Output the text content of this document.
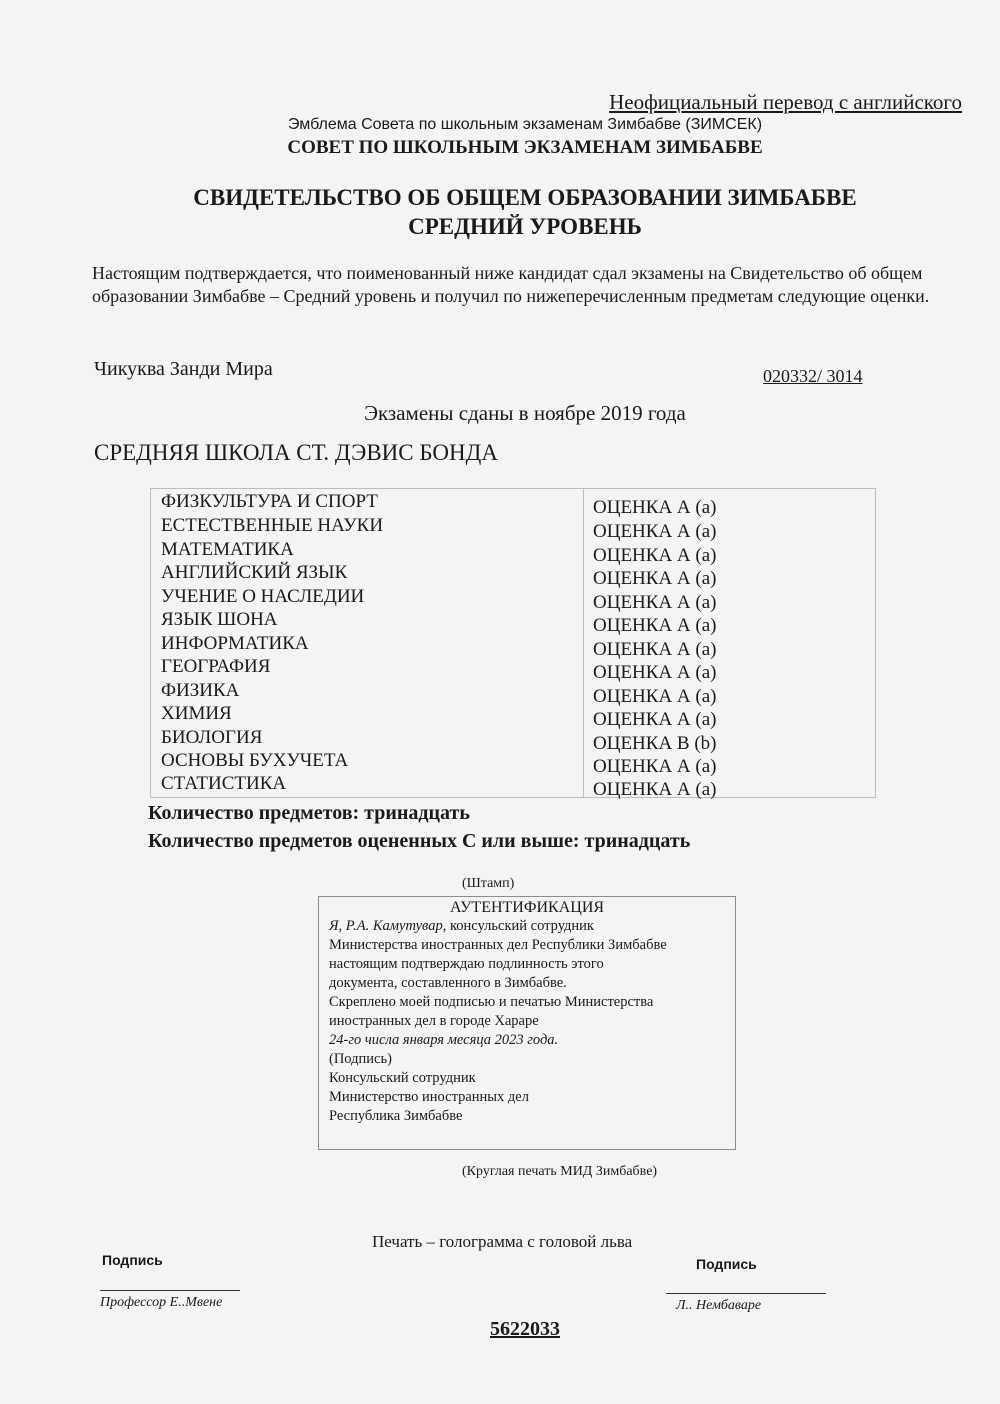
Неофициальный перевод с английского
Эмблема Совета по школьным экзаменам Зимбабве (ЗИМСЕК)
СОВЕТ ПО ШКОЛЬНЫМ ЭКЗАМЕНАМ ЗИМБАБВЕ
СВИДЕТЕЛЬСТВО ОБ ОБЩЕМ ОБРАЗОВАНИИ ЗИМБАБВЕ
СРЕДНИЙ УРОВЕНЬ
Настоящим подтверждается, что поименованный ниже кандидат сдал экзамены на Свидетельство об общем образовании Зимбабве – Средний уровень и получил по нижеперечисленным предметам следующие оценки.
Чикуква Занди Мира	020332/ 3014
Экзамены сданы в ноябре 2019 года
СРЕДНЯЯ ШКОЛА СТ. ДЭВИС БОНДА
ФИЗКУЛЬТУРА И СПОРТ	ОЦЕНКА А (а)
ЕСТЕСТВЕННЫЕ НАУКИ	ОЦЕНКА А (а)
МАТЕМАТИКА	ОЦЕНКА А (а)
АНГЛИЙСКИЙ ЯЗЫК	ОЦЕНКА А (а)
УЧЕНИЕ О НАСЛЕДИИ	ОЦЕНКА А (а)
ЯЗЫК ШОНА	ОЦЕНКА А (а)
ИНФОРМАТИКА	ОЦЕНКА А (а)
ГЕОГРАФИЯ	ОЦЕНКА А (а)
ФИЗИКА	ОЦЕНКА А (а)
ХИМИЯ	ОЦЕНКА А (а)
БИОЛОГИЯ	ОЦЕНКА В (b)
ОСНОВЫ БУХУЧЕТА	ОЦЕНКА А (а)
СТАТИСТИКА	ОЦЕНКА А (а)
Количество предметов: тринадцать
Количество предметов оцененных С или выше: тринадцать
(Штамп)
АУТЕНТИФИКАЦИЯ
Я, Р.А. Камутувар, консульский сотрудник
Министерства иностранных дел Республики Зимбабве
настоящим подтверждаю подлинность этого
документа, составленного в Зимбабве.
Скреплено моей подписью и печатью Министерства
иностранных дел в городе Хараре
24-го числа января месяца 2023 года.
(Подпись)
Консульский сотрудник
Министерство иностранных дел
Республика Зимбабве
(Круглая печать МИД Зимбабве)
Печать – голограмма с головой льва
Подпись
Профессор Е..Мвене
Подпись
Л.. Нембаваре
5622033
